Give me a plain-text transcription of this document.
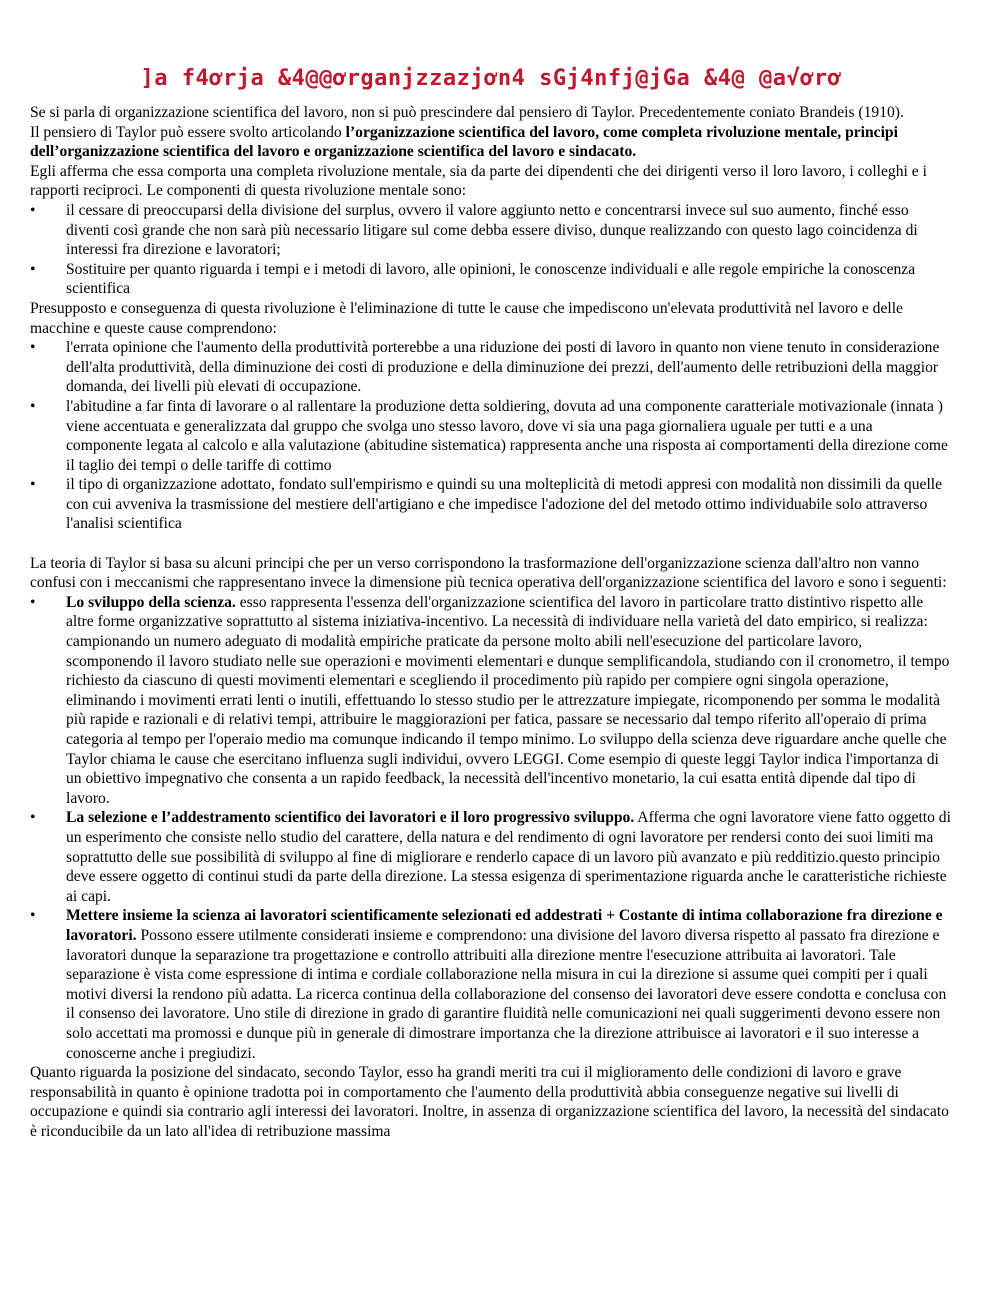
]a f4ơrja &4@@ơrganjzzazjơn4 sGj4nfj@jGa &4@ @a√ơrơ

Se si parla di organizzazione scientifica del lavoro, non si può prescindere dal pensiero di Taylor. Precedentemente coniato Brandeis (1910).

Il pensiero di Taylor può essere svolto articolando l’organizzazione scientifica del lavoro, come completa rivoluzione mentale, principi dell’organizzazione scientifica del lavoro e organizzazione scientifica del lavoro e sindacato.

Egli afferma che essa comporta una completa rivoluzione mentale, sia da parte dei dipendenti che dei dirigenti verso il loro lavoro, i colleghi e i rapporti reciproci. Le componenti di questa rivoluzione mentale sono:

•	il cessare di preoccuparsi della divisione del surplus, ovvero il valore aggiunto netto e concentrarsi invece sul suo aumento, finché esso diventi così grande che non sarà più necessario litigare sul come debba essere diviso, dunque realizzando con questo lago coincidenza di interessi fra direzione e lavoratori;
•	Sostituire per quanto riguarda i tempi e i metodi di lavoro, alle opinioni, le conoscenze individuali e alle regole empiriche la conoscenza scientifica

Presupposto e conseguenza di questa rivoluzione è l'eliminazione di tutte le cause che impediscono un'elevata produttività nel lavoro e delle macchine e queste cause comprendono:

•	l'errata opinione che l'aumento della produttività porterebbe a una riduzione dei posti di lavoro in quanto non viene tenuto in considerazione dell'alta produttività, della diminuzione dei costi di produzione e della diminuzione dei prezzi, dell'aumento delle retribuzioni della maggior domanda, dei livelli più elevati di occupazione.
•	l'abitudine a far finta di lavorare o al rallentare la produzione detta soldiering, dovuta ad una componente caratteriale motivazionale (innata ) viene accentuata e generalizzata dal gruppo che svolga uno stesso lavoro, dove vi sia una paga giornaliera uguale per tutti e a una componente legata al calcolo e alla valutazione (abitudine sistematica) rappresenta anche una risposta ai comportamenti della direzione come il taglio dei tempi o delle tariffe di cottimo
•	il tipo di organizzazione adottato, fondato sull'empirismo e quindi su una molteplicità di metodi appresi con modalità non dissimili da quelle con cui avveniva la trasmissione del mestiere dell'artigiano e che impedisce l'adozione del del metodo ottimo individuabile solo attraverso l'analisi scientifica

La teoria di Taylor si basa su alcuni principi che per un verso corrispondono la trasformazione dell'organizzazione scienza dall'altro non vanno confusi con i meccanismi che rappresentano invece la dimensione più tecnica operativa dell'organizzazione scientifica del lavoro e sono i seguenti:

•	Lo sviluppo della scienza. esso rappresenta l'essenza dell'organizzazione scientifica del lavoro in particolare tratto distintivo rispetto alle altre forme organizzative soprattutto al sistema iniziativa-incentivo. La necessità di individuare nella varietà del dato empirico, si realizza: campionando un numero adeguato di modalità empiriche praticate da persone molto abili nell'esecuzione del particolare lavoro, scomponendo il lavoro studiato nelle sue operazioni e movimenti elementari e dunque semplificandola, studiando con il cronometro, il tempo richiesto da ciascuno di questi movimenti elementari e scegliendo il procedimento più rapido per compiere ogni singola operazione, eliminando i movimenti errati lenti o inutili, effettuando lo stesso studio per le attrezzature impiegate, ricomponendo per somma le modalità più rapide e razionali e di relativi tempi, attribuire le maggiorazioni per fatica, passare se necessario dal tempo riferito all'operaio di prima categoria al tempo per l'operaio medio ma comunque indicando il tempo minimo. Lo sviluppo della scienza deve riguardare anche quelle che Taylor chiama le cause che esercitano influenza sugli individui, ovvero LEGGI. Come esempio di queste leggi Taylor indica l'importanza di un obiettivo impegnativo che consenta a un rapido feedback, la necessità dell'incentivo monetario, la cui esatta entità dipende dal tipo di lavoro.
•	La selezione e l’addestramento scientifico dei lavoratori e il loro progressivo sviluppo. Afferma che ogni lavoratore viene fatto oggetto di un esperimento che consiste nello studio del carattere, della natura e del rendimento di ogni lavoratore per rendersi conto dei suoi limiti ma soprattutto delle sue possibilità di sviluppo al fine di migliorare e renderlo capace di un lavoro più avanzato e più redditizio.questo principio deve essere oggetto di continui studi da parte della direzione. La stessa esigenza di sperimentazione riguarda anche le caratteristiche richieste ai capi.
•	Mettere insieme la scienza ai lavoratori scientificamente selezionati ed addestrati + Costante di intima collaborazione fra direzione e lavoratori. Possono essere utilmente considerati insieme e comprendono: una divisione del lavoro diversa rispetto al passato fra direzione e lavoratori dunque la separazione tra progettazione e controllo attribuiti alla direzione mentre l'esecuzione attribuita ai lavoratori. Tale separazione è vista come espressione di intima e cordiale collaborazione nella misura in cui la direzione si assume quei compiti per i quali motivi diversi la rendono più adatta. La ricerca continua della collaborazione del consenso dei lavoratori deve essere condotta e conclusa con il consenso dei lavoratore. Uno stile di direzione in grado di garantire fluidità nelle comunicazioni nei quali suggerimenti devono essere non solo accettati ma promossi e dunque più in generale di dimostrare importanza che la direzione attribuisce ai lavoratori e il suo interesse a conoscerne anche i pregiudizi.

Quanto riguarda la posizione del sindacato, secondo Taylor, esso ha grandi meriti tra cui il miglioramento delle condizioni di lavoro e grave responsabilità in quanto è opinione tradotta poi in comportamento che l'aumento della produttività abbia conseguenze negative sui livelli di occupazione e quindi sia contrario agli interessi dei lavoratori. Inoltre, in assenza di organizzazione scientifica del lavoro, la necessità del sindacato è riconducibile da un lato all'idea di retribuzione massima
